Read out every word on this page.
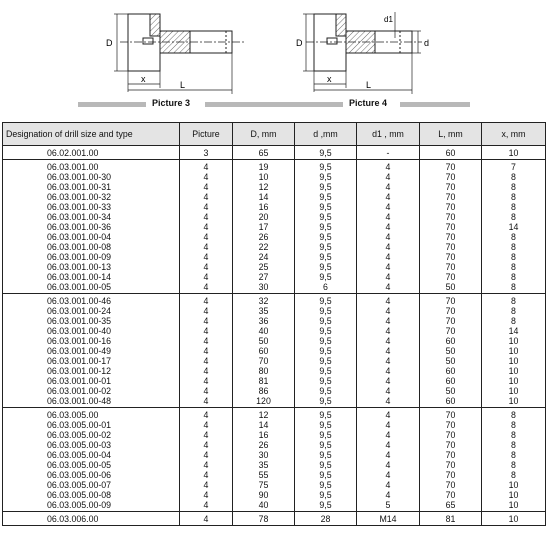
D
x
L
D
d1
d
x
L
Picture 3	Picture 4
Designation of drill size and type	Picture	D, mm	d ,mm	d1 , mm	L, mm	x, mm
06.02.001.00	3	65	9,5	-	60	10
06.03.001.00	4	19	9,5	4	70	7
06.03.001.00-30	4	10	9,5	4	70	8
06.03.001.00-31	4	12	9,5	4	70	8
06.03.001.00-32	4	14	9,5	4	70	8
06.03.001.00-33	4	16	9,5	4	70	8
06.03.001.00-34	4	20	9,5	4	70	8
06.03.001.00-36	4	17	9,5	4	70	14
06.03.001.00-04	4	26	9,5	4	70	8
06.03.001.00-08	4	22	9,5	4	70	8
06.03.001.00-09	4	24	9,5	4	70	8
06.03.001.00-13	4	25	9,5	4	70	8
06.03.001.00-14	4	27	9,5	4	70	8
06.03.001.00-05	4	30	6	4	50	8
06.03.001.00-46	4	32	9,5	4	70	8
06.03.001.00-24	4	35	9,5	4	70	8
06.03.001.00-35	4	36	9,5	4	70	8
06.03.001.00-40	4	40	9,5	4	70	14
06.03.001.00-16	4	50	9,5	4	60	10
06.03.001.00-49	4	60	9,5	4	50	10
06.03.001.00-17	4	70	9,5	4	50	10
06.03.001.00-12	4	80	9,5	4	60	10
06.03.001.00-01	4	81	9,5	4	60	10
06.03.001.00-02	4	86	9,5	4	50	10
06.03.001.00-48	4	120	9,5	4	60	10
06.03.005.00	4	12	9,5	4	70	8
06.03.005.00-01	4	14	9,5	4	70	8
06.03.005.00-02	4	16	9,5	4	70	8
06.03.005.00-03	4	26	9,5	4	70	8
06.03.005.00-04	4	30	9,5	4	70	8
06.03.005.00-05	4	35	9,5	4	70	8
06.03.005.00-06	4	55	9,5	4	70	8
06.03.005.00-07	4	75	9,5	4	70	10
06.03.005.00-08	4	90	9,5	4	70	10
06.03.005.00-09	4	40	9,5	5	65	10
06.03.006.00	4	78	28	M14	81	10
